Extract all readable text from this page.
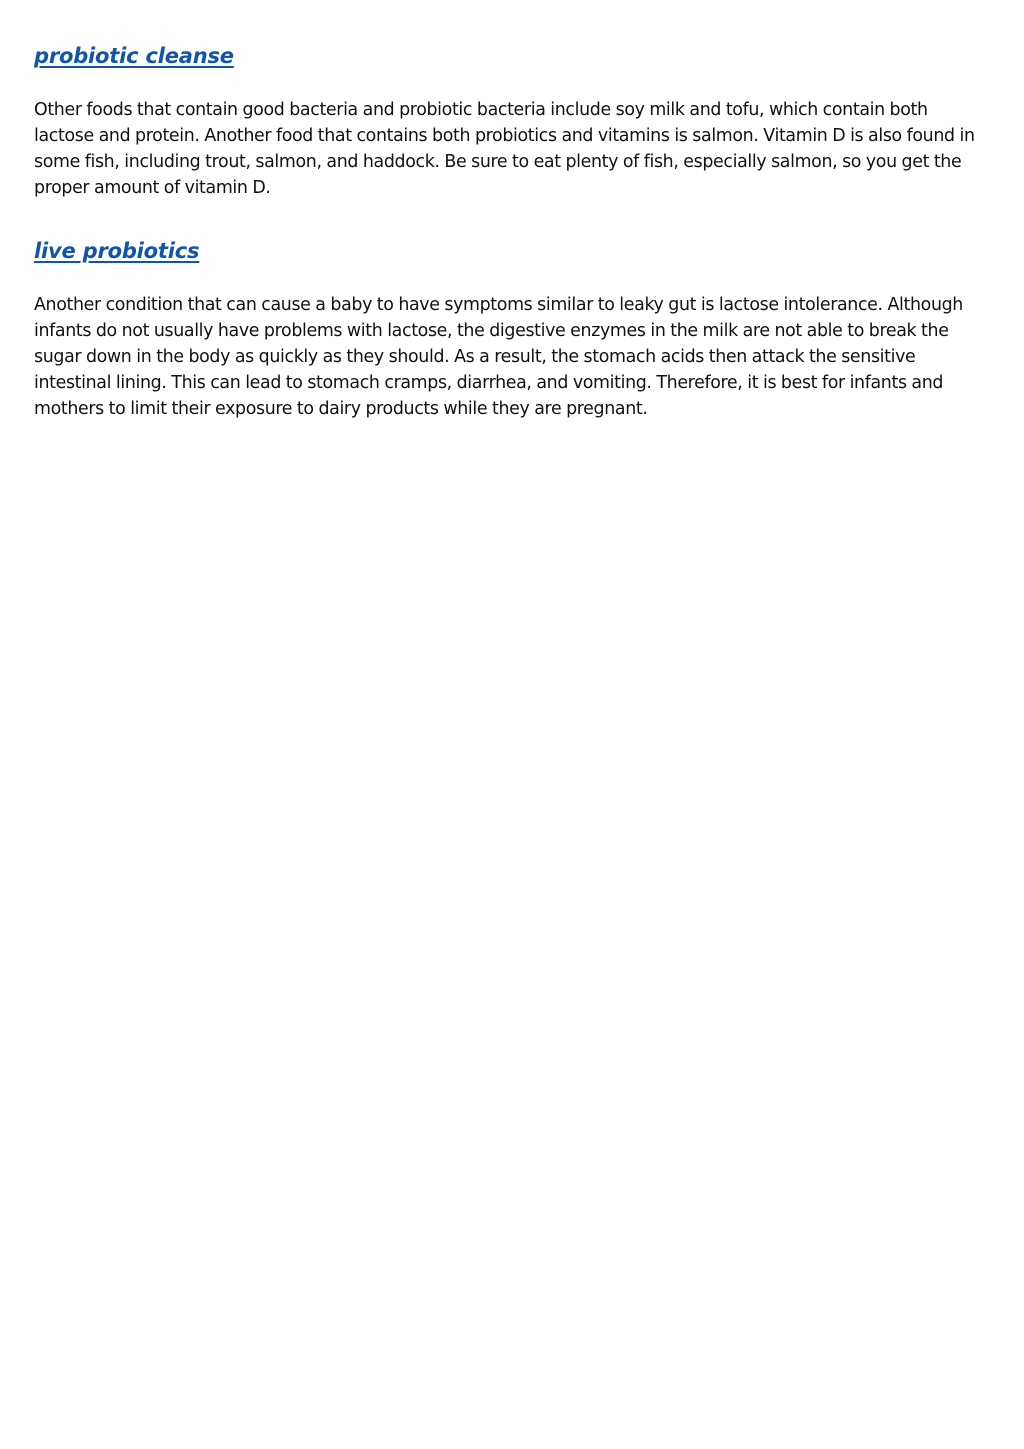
probiotic cleanse

Other foods that contain good bacteria and probiotic bacteria include soy milk and tofu, which contain both lactose and protein. Another food that contains both probiotics and vitamins is salmon. Vitamin D is also found in some fish, including trout, salmon, and haddock. Be sure to eat plenty of fish, especially salmon, so you get the proper amount of vitamin D.

live probiotics

Another condition that can cause a baby to have symptoms similar to leaky gut is lactose intolerance. Although infants do not usually have problems with lactose, the digestive enzymes in the milk are not able to break the sugar down in the body as quickly as they should. As a result, the stomach acids then attack the sensitive intestinal lining. This can lead to stomach cramps, diarrhea, and vomiting. Therefore, it is best for infants and mothers to limit their exposure to dairy products while they are pregnant.
